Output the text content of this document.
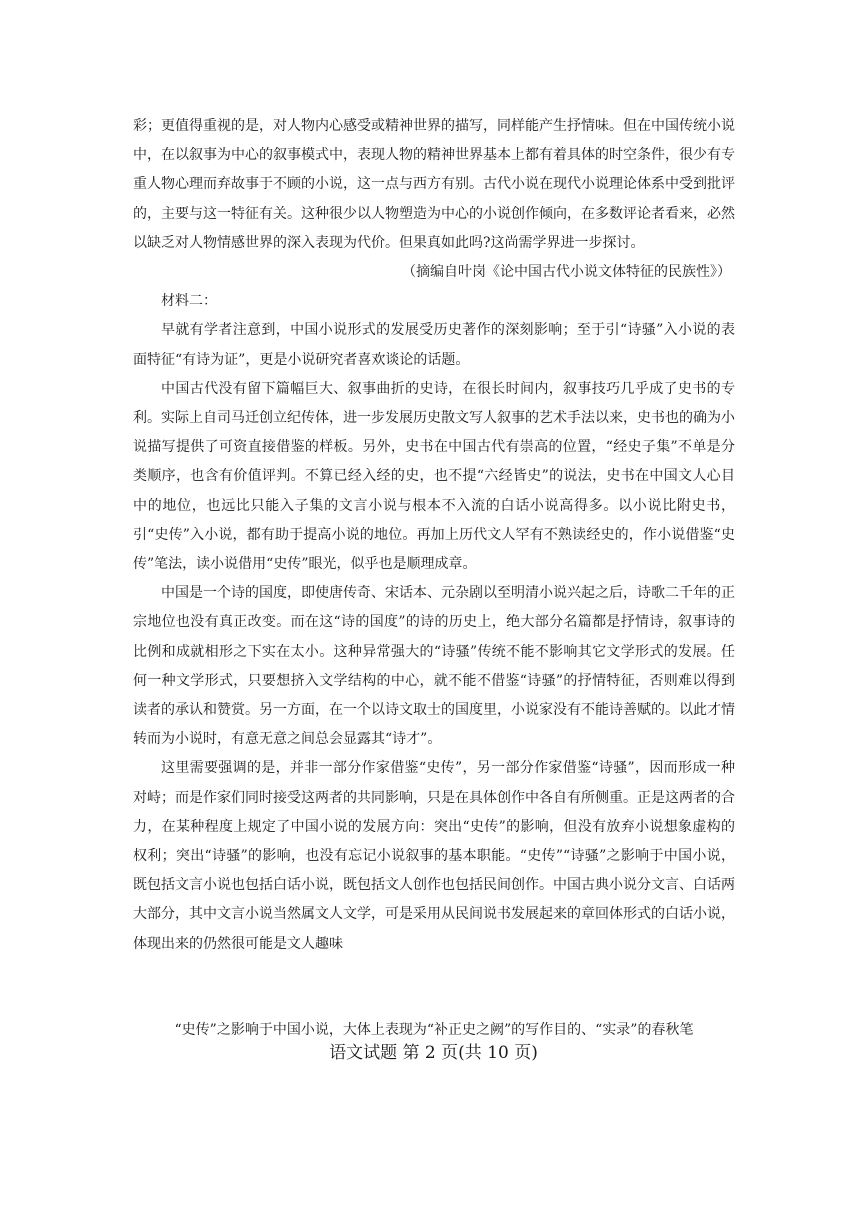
彩；更值得重视的是，对人物内心感受或精神世界的描写，同样能产生抒情味。但在中国传统小说中，在以叙事为中心的叙事模式中，表现人物的精神世界基本上都有着具体的时空条件，很少有专重人物心理而弃故事于不顾的小说，这一点与西方有别。古代小说在现代小说理论体系中受到批评的，主要与这一特征有关。这种很少以人物塑造为中心的小说创作倾向，在多数评论者看来，必然以缺乏对人物情感世界的深入表现为代价。但果真如此吗?这尚需学界进一步探讨。

（摘编自叶岗《论中国古代小说文体特征的民族性》）

材料二：

早就有学者注意到，中国小说形式的发展受历史著作的深刻影响；至于引“诗骚”入小说的表面特征“有诗为证”，更是小说研究者喜欢谈论的话题。

中国古代没有留下篇幅巨大、叙事曲折的史诗，在很长时间内，叙事技巧几乎成了史书的专利。实际上自司马迁创立纪传体，进一步发展历史散文写人叙事的艺术手法以来，史书也的确为小说描写提供了可资直接借鉴的样板。另外，史书在中国古代有崇高的位置，“经史子集”不单是分类顺序，也含有价值评判。不算已经入经的史，也不提“六经皆史”的说法，史书在中国文人心目中的地位，也远比只能入子集的文言小说与根本不入流的白话小说高得多。以小说比附史书，引“史传”入小说，都有助于提高小说的地位。再加上历代文人罕有不熟读经史的，作小说借鉴“史传”笔法，读小说借用“史传”眼光，似乎也是顺理成章。

中国是一个诗的国度，即使唐传奇、宋话本、元杂剧以至明清小说兴起之后，诗歌二千年的正宗地位也没有真正改变。而在这“诗的国度”的诗的历史上，绝大部分名篇都是抒情诗，叙事诗的比例和成就相形之下实在太小。这种异常强大的“诗骚”传统不能不影响其它文学形式的发展。任何一种文学形式，只要想挤入文学结构的中心，就不能不借鉴“诗骚”的抒情特征，否则难以得到读者的承认和赞赏。另一方面，在一个以诗文取士的国度里，小说家没有不能诗善赋的。以此才情转而为小说时，有意无意之间总会显露其“诗才”。

这里需要强调的是，并非一部分作家借鉴“史传”，另一部分作家借鉴“诗骚”，因而形成一种对峙；而是作家们同时接受这两者的共同影响，只是在具体创作中各自有所侧重。正是这两者的合力，在某种程度上规定了中国小说的发展方向：突出“史传”的影响，但没有放弃小说想象虚构的权利；突出“诗骚”的影响，也没有忘记小说叙事的基本职能。“史传”“诗骚”之影响于中国小说，既包括文言小说也包括白话小说，既包括文人创作也包括民间创作。中国古典小说分文言、白话两大部分，其中文言小说当然属文人文学，可是采用从民间说书发展起来的章回体形式的白话小说，体现出来的仍然很可能是文人趣味

“史传”之影响于中国小说，大体上表现为“补正史之阙”的写作目的、“实录”的春秋笔
语文试题 第 2 页(共 10 页)
